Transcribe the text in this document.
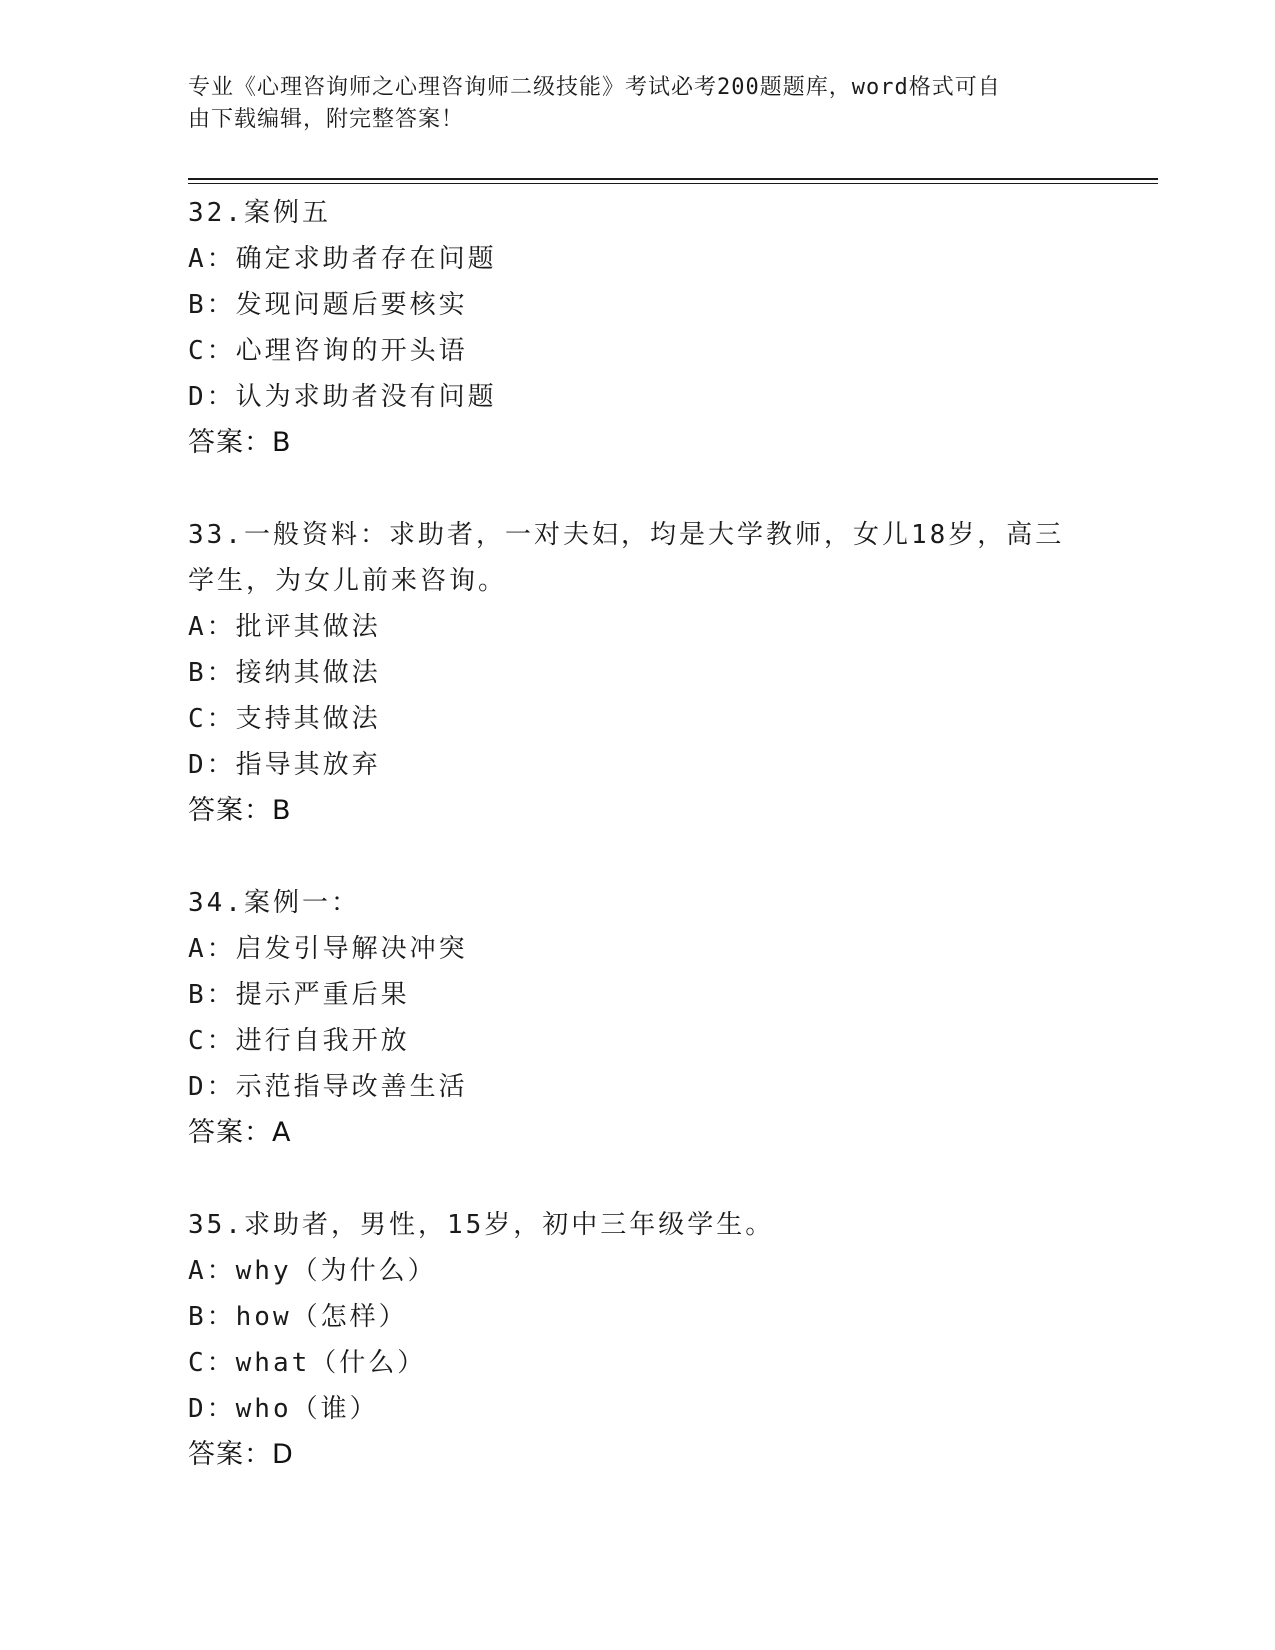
专业《心理咨询师之心理咨询师二级技能》考试必考200题题库，word格式可自
由下载编辑，附完整答案！
32.案例五
A：确定求助者存在问题
B：发现问题后要核实
C：心理咨询的开头语
D：认为求助者没有问题
答案：B
33.一般资料：求助者，一对夫妇，均是大学教师，女儿18岁，高三
学生，为女儿前来咨询。
A：批评其做法
B：接纳其做法
C：支持其做法
D：指导其放弃
答案：B
34.案例一：
A：启发引导解决冲突
B：提示严重后果
C：进行自我开放
D：示范指导改善生活
答案：A
35.求助者，男性，15岁，初中三年级学生。
A：why（为什么）
B：how（怎样）
C：what（什么）
D：who（谁）
答案：D
